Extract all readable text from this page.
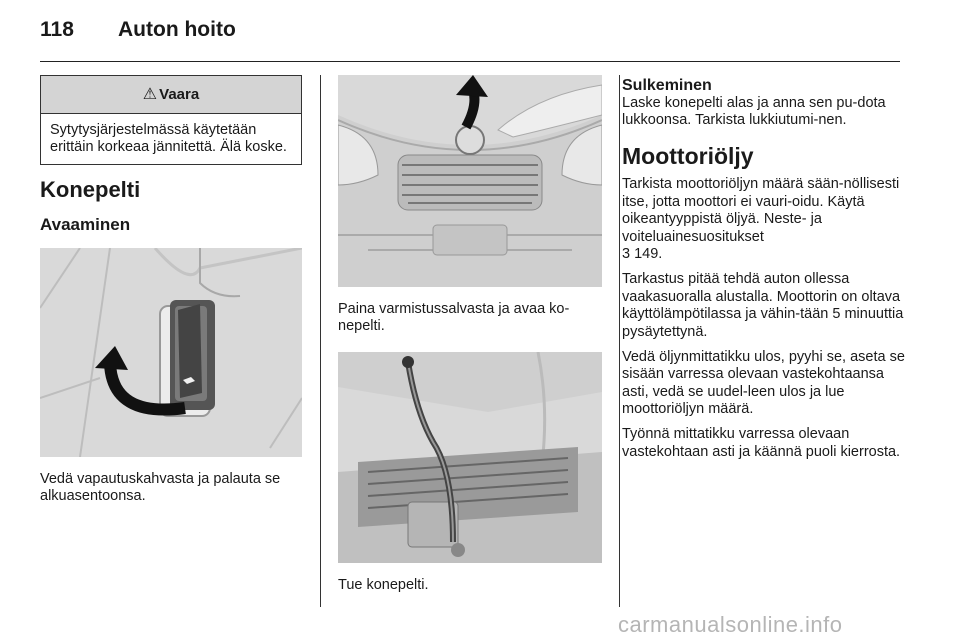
118 Auton hoito
⚠ Vaara
Sytytysjärjestelmässä käytetään erittäin korkeaa jännitettä. Älä koske.
Konepelti
Avaaminen

Vedä vapautuskahvasta ja palauta se alkuasentoonsa.

Paina varmistussalvasta ja avaa ko-nepelti.

Tue konepelti.

Sulkeminen

Laske konepelti alas ja anna sen pu-dota lukkoonsa. Tarkista lukkiutumi-nen.

Moottoriöljy

Tarkista moottoriöljyn määrä sään-nöllisesti itse, jotta moottori ei vauri-oidu. Käytä oikeantyyppistä öljyä. Neste- ja voiteluainesuositukset

3 149.

Tarkastus pitää tehdä auton ollessa vaakasuoralla alustalla. Moottorin on oltava käyttölämpötilassa ja vähin-tään 5 minuuttia pysäytettynä.

Vedä öljynmittatikku ulos, pyyhi se, aseta se sisään varressa olevaan vastekohtaansa asti, vedä se uudel-leen ulos ja lue moottoriöljyn määrä.

Työnnä mittatikku varressa olevaan vastekohtaan asti ja käännä puoli kierrosta.

carmanualsonline.info
